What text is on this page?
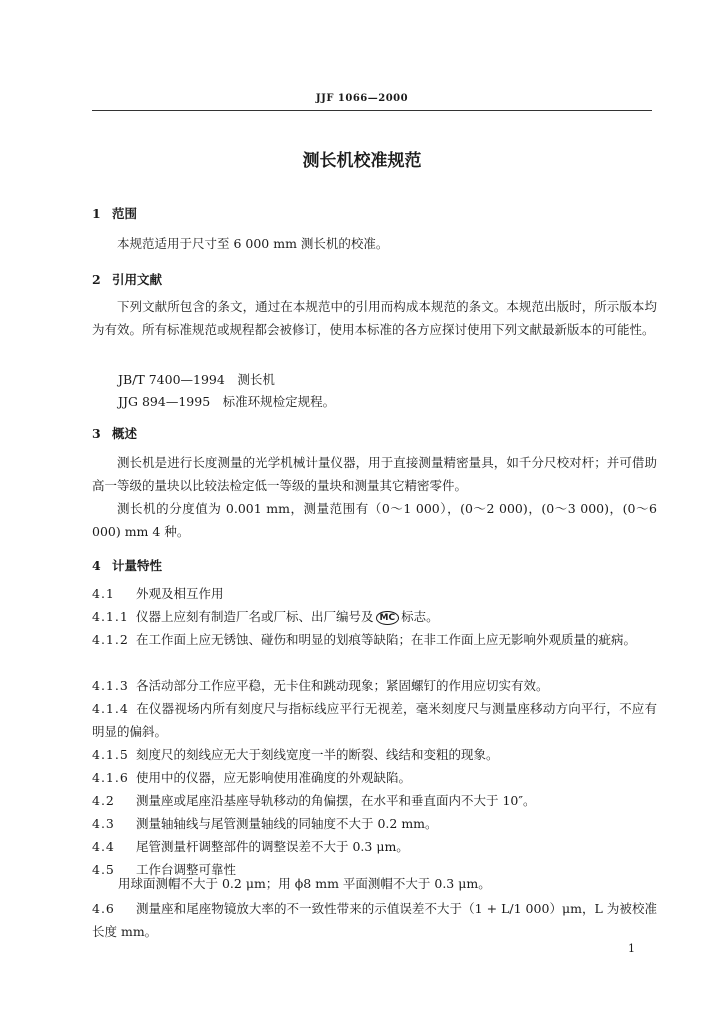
JJF 1066—2000
测长机校准规范
1 范围
本规范适用于尺寸至 6 000 mm 测长机的校准。
2 引用文献
下列文献所包含的条文，通过在本规范中的引用而构成本规范的条文。本规范出版时，所示版本均为有效。所有标准规范或规程都会被修订，使用本标准的各方应探讨使用下列文献最新版本的可能性。
JB/T 7400—1994　测长机
JJG 894—1995　标准环规检定规程。
3 概述
测长机是进行长度测量的光学机械计量仪器，用于直接测量精密量具，如千分尺校对杆；并可借助高一等级的量块以比较法检定低一等级的量块和测量其它精密零件。
测长机的分度值为 0.001 mm，测量范围有（0～1 000），(0～2 000)，(0～3 000)，(0～6 000) mm 4 种。
4 计量特性
4.1 外观及相互作用
4.1.1 仪器上应刻有制造厂名或厂标、出厂编号及 MC 标志。
4.1.2 在工作面上应无锈蚀、碰伤和明显的划痕等缺陷；在非工作面上应无影响外观质量的疵病。
4.1.3 各活动部分工作应平稳，无卡住和跳动现象；紧固螺钉的作用应切实有效。
4.1.4 在仪器视场内所有刻度尺与指标线应平行无视差，毫米刻度尺与测量座移动方向平行，不应有明显的偏斜。
4.1.5 刻度尺的刻线应无大于刻线宽度一半的断裂、线结和变粗的现象。
4.1.6 使用中的仪器，应无影响使用准确度的外观缺陷。
4.2 测量座或尾座沿基座导轨移动的角偏摆，在水平和垂直面内不大于 10″。
4.3 测量轴轴线与尾管测量轴线的同轴度不大于 0.2 mm。
4.4 尾管测量杆调整部件的调整误差不大于 0.3 μm。
4.5 工作台调整可靠性
用球面测帽不大于 0.2 μm；用 ϕ8 mm 平面测帽不大于 0.3 μm。
4.6 测量座和尾座物镜放大率的不一致性带来的示值误差不大于（1 + L/1 000）μm，L 为被校准长度 mm。
1
